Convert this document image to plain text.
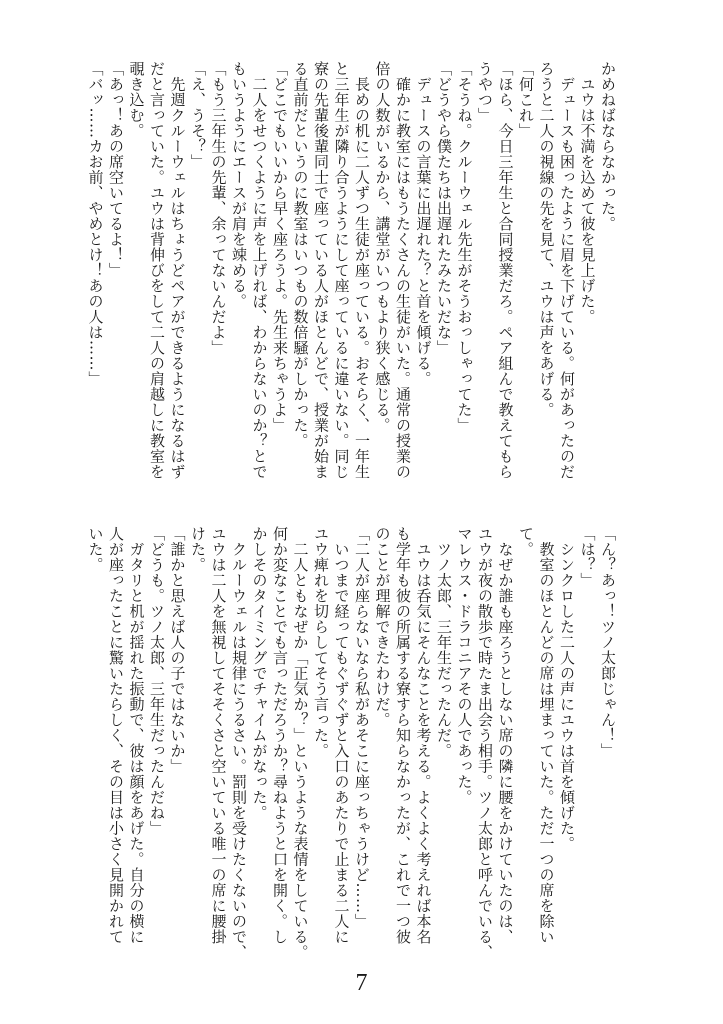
かめねばならなかった。
　ユウは不満を込めて彼を見上げた。
　デュースも困ったように眉を下げている。何があったのだ
ろうと二人の視線の先を見て、ユウは声をあげる。
「何これ」
「ほら、今日三年生と合同授業だろ。ペア組んで教えてもら
うやつ」
「そうね。クルーウェル先生がそうおっしゃってた」
「どうやら僕たちは出遅れたみたいだな」
　デュースの言葉に出遅れた？と首を傾げる。
　確かに教室にはもうたくさんの生徒がいた。通常の授業の
倍の人数がいるから、講堂がいつもより狭く感じる。
　長めの机に二人ずつ生徒が座っている。おそらく、一年生
と三年生が隣り合うようにして座っているに違いない。同じ
寮の先輩後輩同士で座っている人がほとんどで、授業が始ま
る直前だというのに教室はいつもの数倍騒がしかった。
「どこでもいいから早く座ろうよ。先生来ちゃうよ」
　二人をせつくように声を上げれば、わからないのか？とで
もいうようにエースが肩を竦める。
「もう三年生の先輩、余ってないんだよ」
「え、うそ？」
　先週クルーウェルはちょうどペアができるようになるはず
だと言っていた。ユウは背伸びをして二人の肩越しに教室を
覗き込む。
「あっ！あの席空いてるよ！」
「バッ……カお前、やめとけ！あの人は……」
「ん？あっ！ツノ太郎じゃん！」
「は？」
　シンクロした二人の声にユウは首を傾げた。
　教室のほとんどの席は埋まっていた。ただ一つの席を除い
て。
　なぜか誰も座ろうとしない席の隣に腰をかけていたのは、
ユウが夜の散歩で時たま出会う相手。ツノ太郎と呼んでいる、
マレウス・ドラコニアその人であった。
　ツノ太郎、三年生だったんだ。
　ユウは呑気にそんなことを考える。よくよく考えれば本名
も学年も彼の所属する寮すら知らなかったが、これで一つ彼
のことが理解できたわけだ。
「二人が座らないなら私があそこに座っちゃうけど……」
　いつまで経ってもぐずぐずと入口のあたりで止まる二人に
ユウ痺れを切らしてそう言った。
　二人ともなぜか「正気か？」というような表情をしている。
何か変なことでも言っただろうか？尋ねようと口を開く。し
かしそのタイミングでチャイムがなった。
　クルーウェルは規律にうるさい。罰則を受けたくないので、
ユウは二人を無視してそそくさと空いている唯一の席に腰掛
けた。
「誰かと思えば人の子ではないか」
「どうも。ツノ太郎、三年生だったんだね」
　ガタリと机が揺れた振動で、彼は顔をあげた。自分の横に
人が座ったことに驚いたらしく、その目は小さく見開かれて
いた。
7
